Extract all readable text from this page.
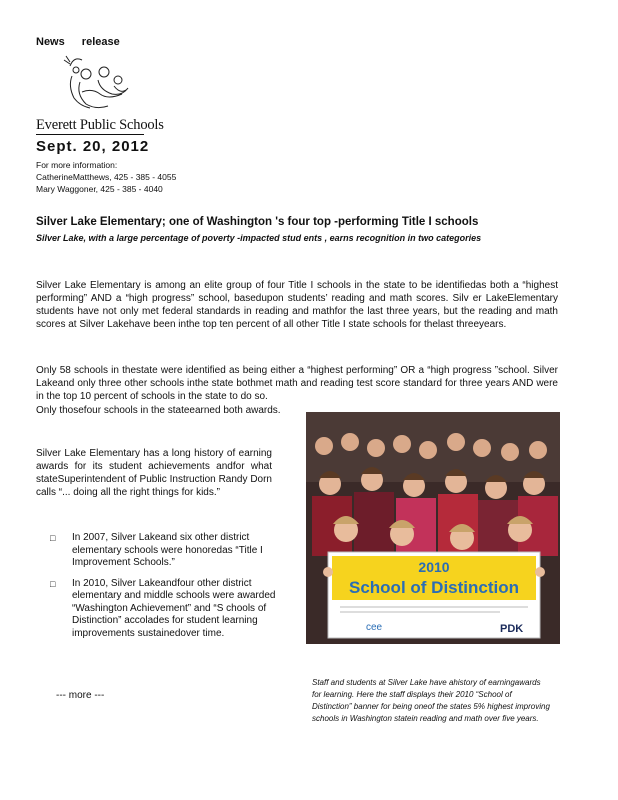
News release
Everett Public Schools
Sept. 20, 2012
For more information:
CatherineMatthews, 425 - 385 - 4055
Mary Waggoner, 425 - 385 - 4040
Silver Lake Elementary; one of Washington 's four top -performing Title I schools
Silver Lake, with a large percentage of poverty -impacted stud ents , earns recognition in two categories
Silver Lake Elementary is among an elite group of four Title I schools in the state to be identifiedas both a “highest performing” AND a “high progress” school, basedupon students’ reading and math scores. Silv er LakeElementary students have not only met federal standards in reading and mathfor the last three years, but the reading and math scores at Silver Lakehave been inthe top ten percent of all other Title I state schools for thelast threeyears.
Only 58 schools in thestate were identified as being either a “highest performing” OR a “high progress ”school. Silver Lakeand only three other schools inthe state bothmet math and reading test score standard for three years AND were in the top 10 percent of schools in the state to do so.
Only thosefour schools in the stateearned both awards.
Silver Lake Elementary has a long history of earning awards for its student achievements andfor what stateSuperintendent of Public Instruction Randy Dorn calls “... doing all the right things for kids.”
□ In 2007, Silver Lakeand six other district elementary schools were honoredas “Title I Improvement Schools.”
□ In 2010, Silver Lakeandfour other district elementary and middle schools were awarded “Washington Achievement” and “S chools of Distinction” accolades for student learning improvements sustainedover time.
2010
School of Distinction
cee	PDK
Staff and students at Silver Lake have ahistory of earningawards for learning. Here the staff displays their 2010 “School of Distinction” banner for being oneof the states 5% highest improving schools in Washington statein reading and math over five years.
--- more ---
